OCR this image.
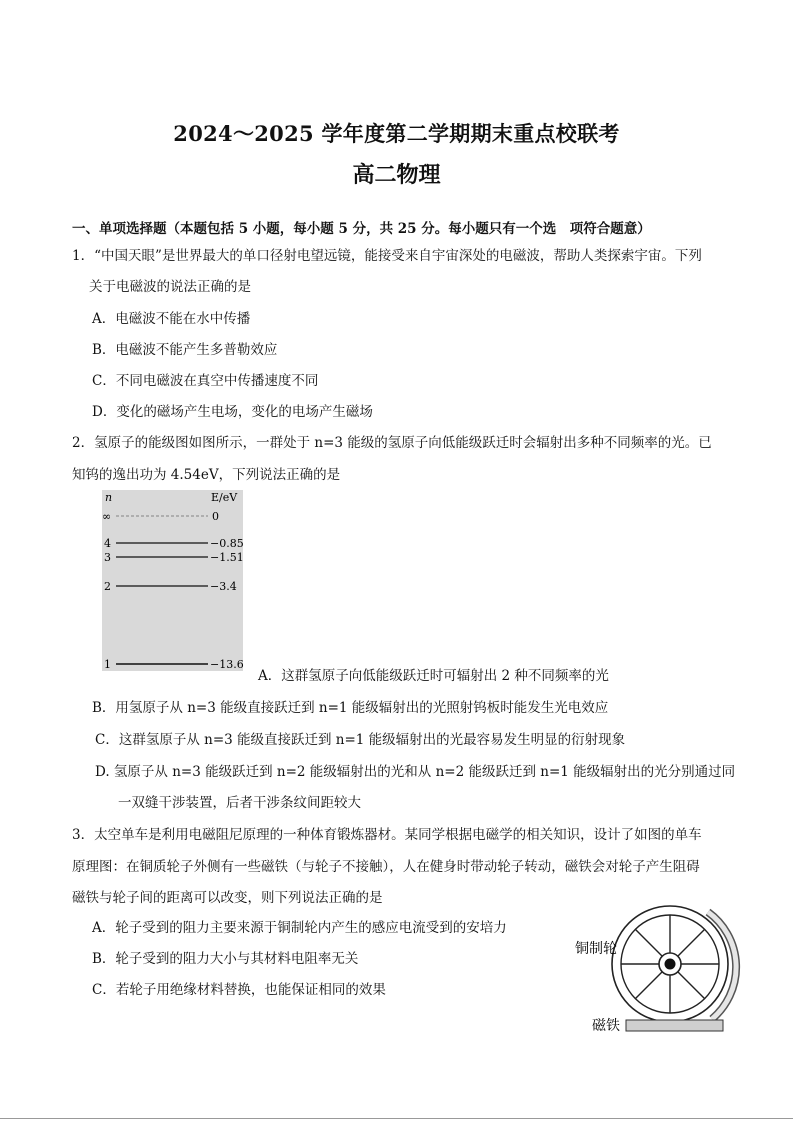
2024～2025 学年度第二学期期末重点校联考
高二物理
一、单项选择题（本题包括 5 小题，每小题 5 分，共 25 分。每小题只有一个选　项符合题意）
1．“中国天眼”是世界最大的单口径射电望远镜，能接受来自宇宙深处的电磁波，帮助人类探索宇宙。下列
关于电磁波的说法正确的是
A．电磁波不能在水中传播
B．电磁波不能产生多普勒效应
C．不同电磁波在真空中传播速度不同
D．变化的磁场产生电场，变化的电场产生磁场
2．氢原子的能级图如图所示，一群处于 n=3 能级的氢原子向低能级跃迁时会辐射出多种不同频率的光。已
知钨的逸出功为 4.54eV，下列说法正确的是
n	E/eV
∞	0
4	−0.85
3	−1.51
2	−3.4
1	−13.6
A．这群氢原子向低能级跃迁时可辐射出 2 种不同频率的光
B．用氢原子从 n=3 能级直接跃迁到 n=1 能级辐射出的光照射钨板时能发生光电效应
C．这群氢原子从 n=3 能级直接跃迁到 n=1 能级辐射出的光最容易发生明显的衍射现象
D. 氢原子从 n=3 能级跃迁到 n=2 能级辐射出的光和从 n=2 能级跃迁到 n=1 能级辐射出的光分别通过同
一双缝干涉装置，后者干涉条纹间距较大
3．太空单车是利用电磁阻尼原理的一种体育锻炼器材。某同学根据电磁学的相关知识，设计了如图的单车
原理图：在铜质轮子外侧有一些磁铁（与轮子不接触），人在健身时带动轮子转动，磁铁会对轮子产生阻碍
磁铁与轮子间的距离可以改变，则下列说法正确的是
A．轮子受到的阻力主要来源于铜制轮内产生的感应电流受到的安培力
B．轮子受到的阻力大小与其材料电阻率无关
C．若轮子用绝缘材料替换，也能保证相同的效果
铜制轮
磁铁
